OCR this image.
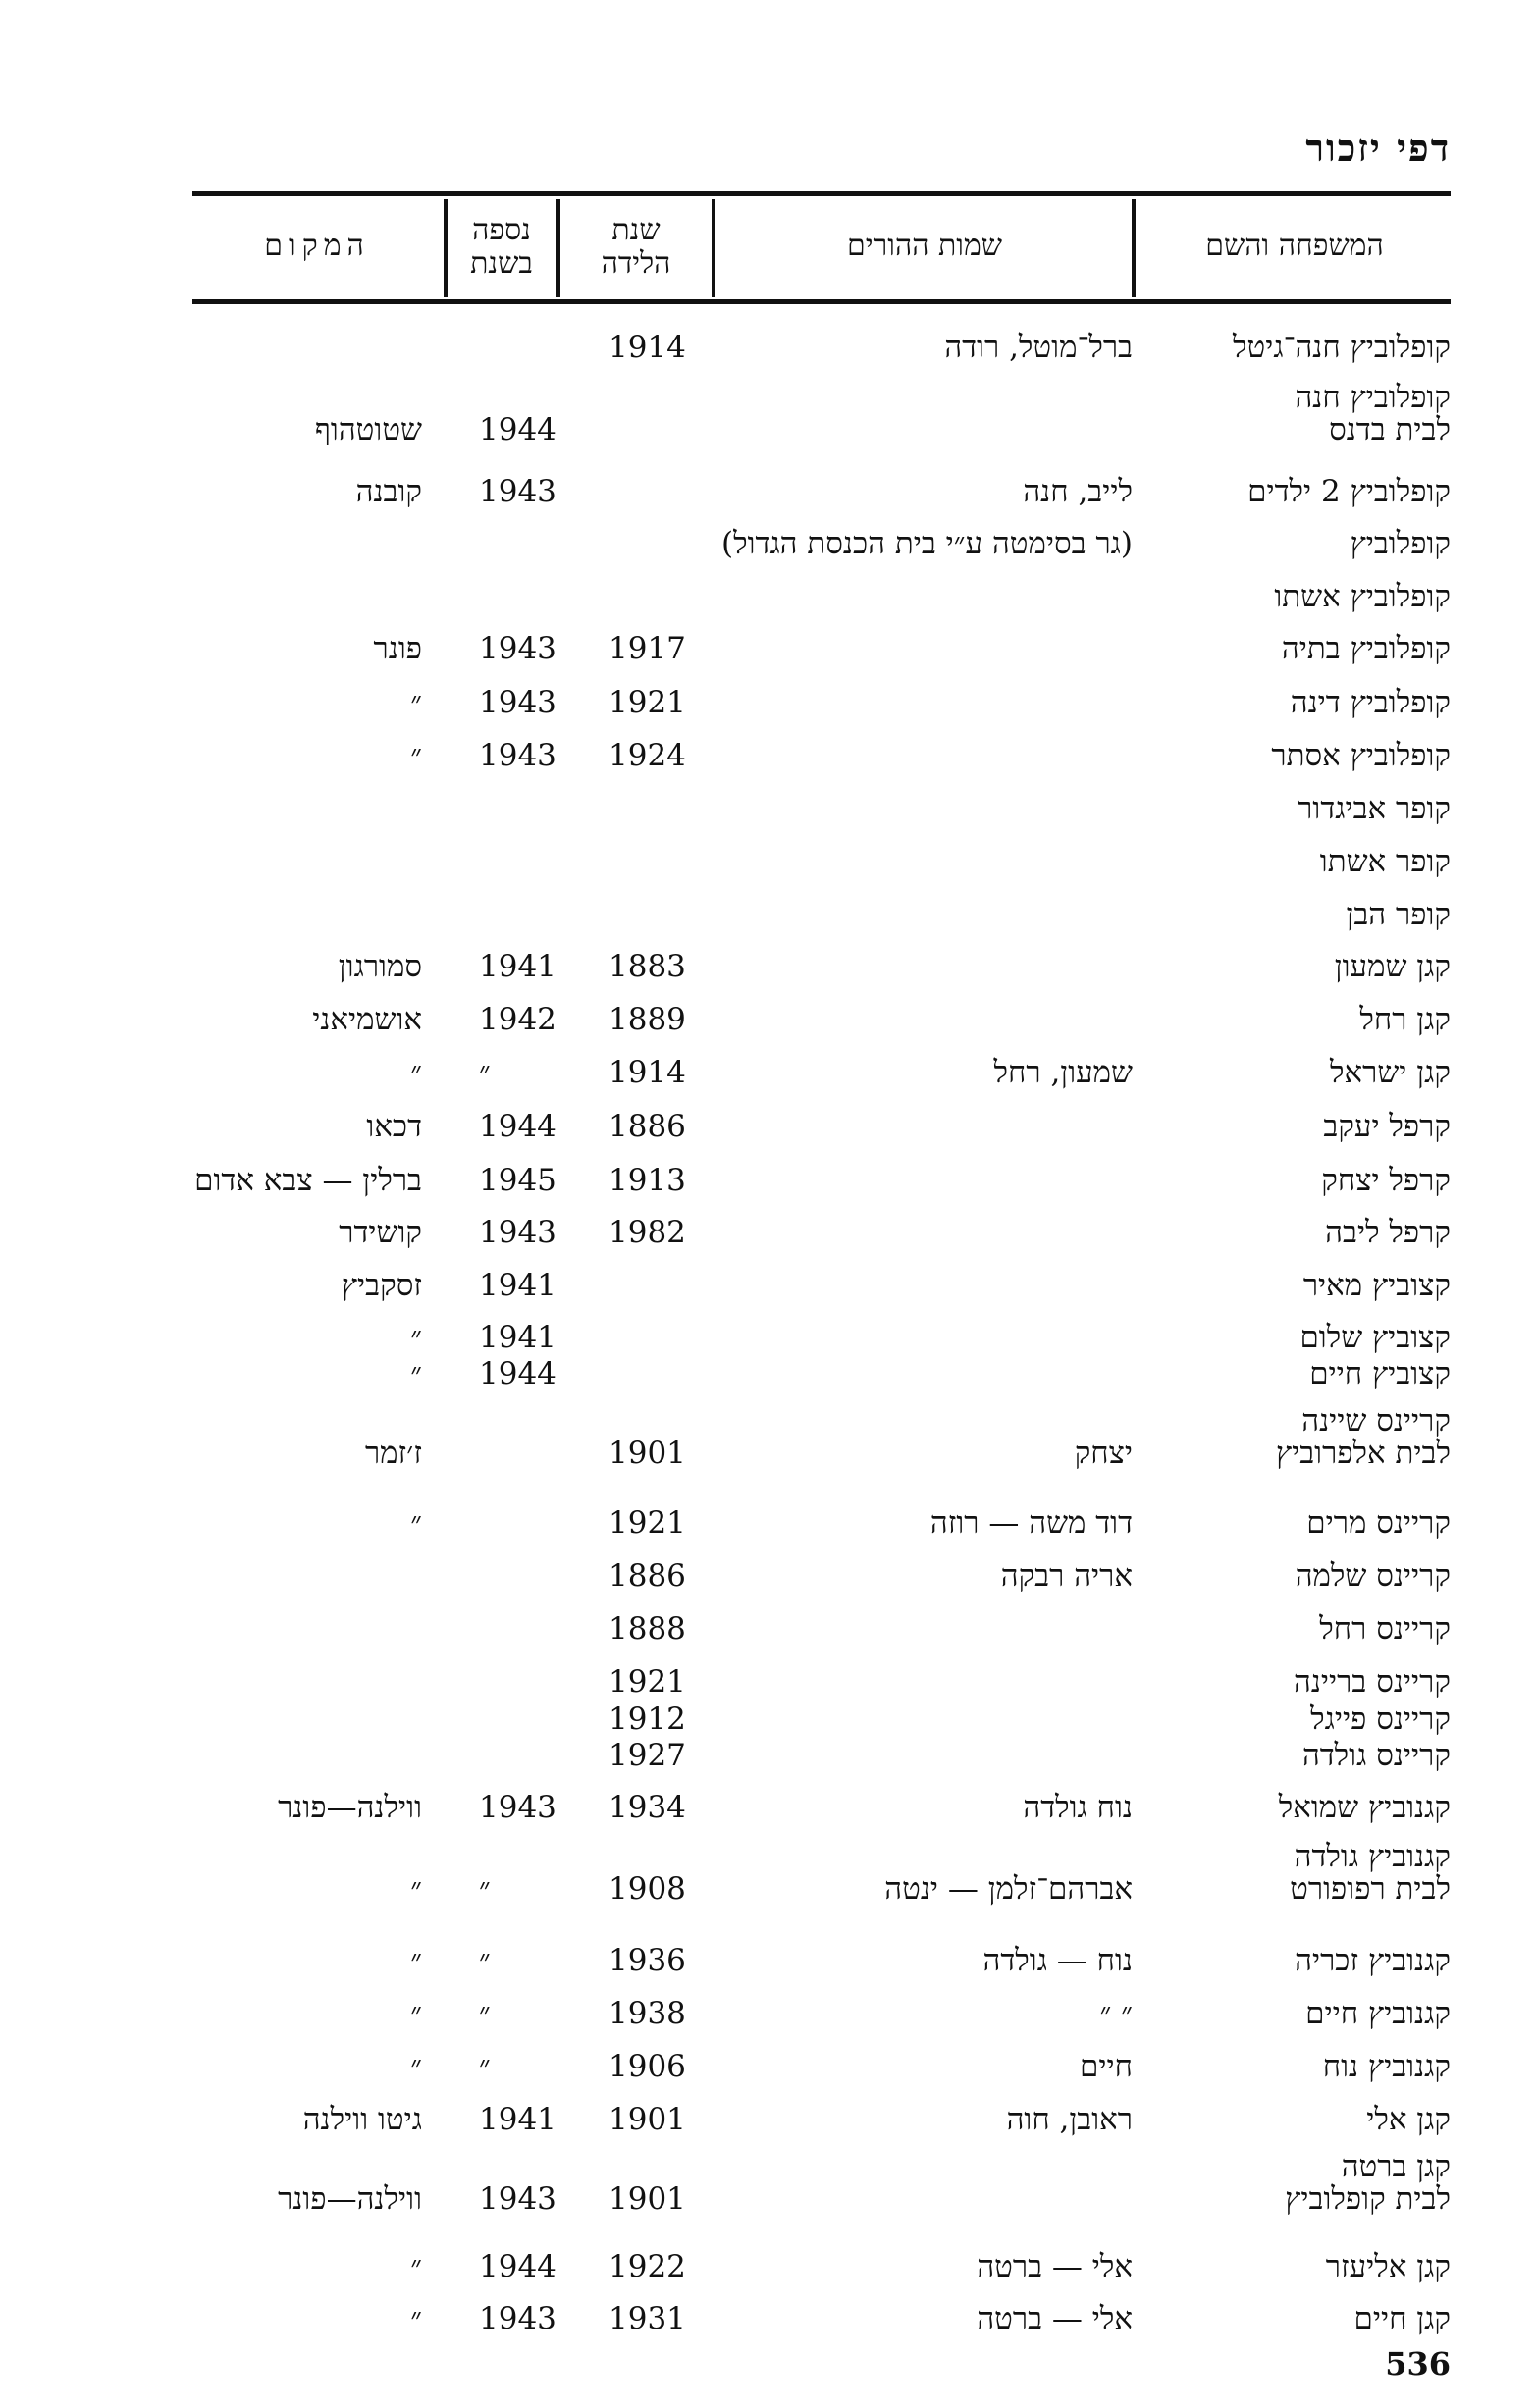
דפי יזכור
המשפחה והשם
שמות ההורים
שנת
הלידה
נספה
בשנת
המקום
קופלוביץ חנה־גיטל
ברל־מוטל, רודה
1914
קופלוביץ חנה
לבית בדנס
1944
שטוטהוף
קופלוביץ 2 ילדים
לייב, חנה
1943
קובנה
קופלוביץ
(גר בסימטה ע״י בית הכנסת הגדול)
קופלוביץ אשתו
קופלוביץ בתיה
1917
1943
פונר
קופלוביץ דינה
1921
1943
״
קופלוביץ אסתר
1924
1943
״
קופר אביגדור
קופר אשתו
קופר הבן
קגן שמעון
1883
1941
סמורגון
קגן רחל
1889
1942
אושמיאני
קגן ישראל
שמעון, רחל
1914
״
״
קרפל יעקב
1886
1944
דכאו
קרפל יצחק
1913
1945
ברלין — צבא אדום
קרפל ליבה
1982
1943
קושידר
קצוביץ מאיר
1941
זסקביץ
קצוביץ שלום
1941
״
קצוביץ חיים
1944
״
קריינס שיינה
לבית אלפרוביץ
יצחק
1901
ז׳זמר
קריינס מרים
דוד משה — רוזה
1921
״
קריינס שלמה
אריה רבקה
1886
קריינס רחל
1888
קריינס בריינה
1921
קריינס פייגל
1912
קריינס גולדה
1927
קגנוביץ שמואל
נוח גולדה
1934
1943
ווילנה—פונר
קגנוביץ גולדה
לבית רפופורט
אברהם־זלמן — ינטה
1908
״
״
קגנוביץ זכריה
נוח — גולדה
1936
״
״
קגנוביץ חיים
״ ״
1938
״
״
קגנוביץ נוח
חיים
1906
״
״
קגן אלי
ראובן, חוה
1901
1941
גיטו ווילנה
קגן ברטה
לבית קופלוביץ
1901
1943
ווילנה—פונר
קגן אליעזר
אלי — ברטה
1922
1944
״
קגן חיים
אלי — ברטה
1931
1943
״
536
